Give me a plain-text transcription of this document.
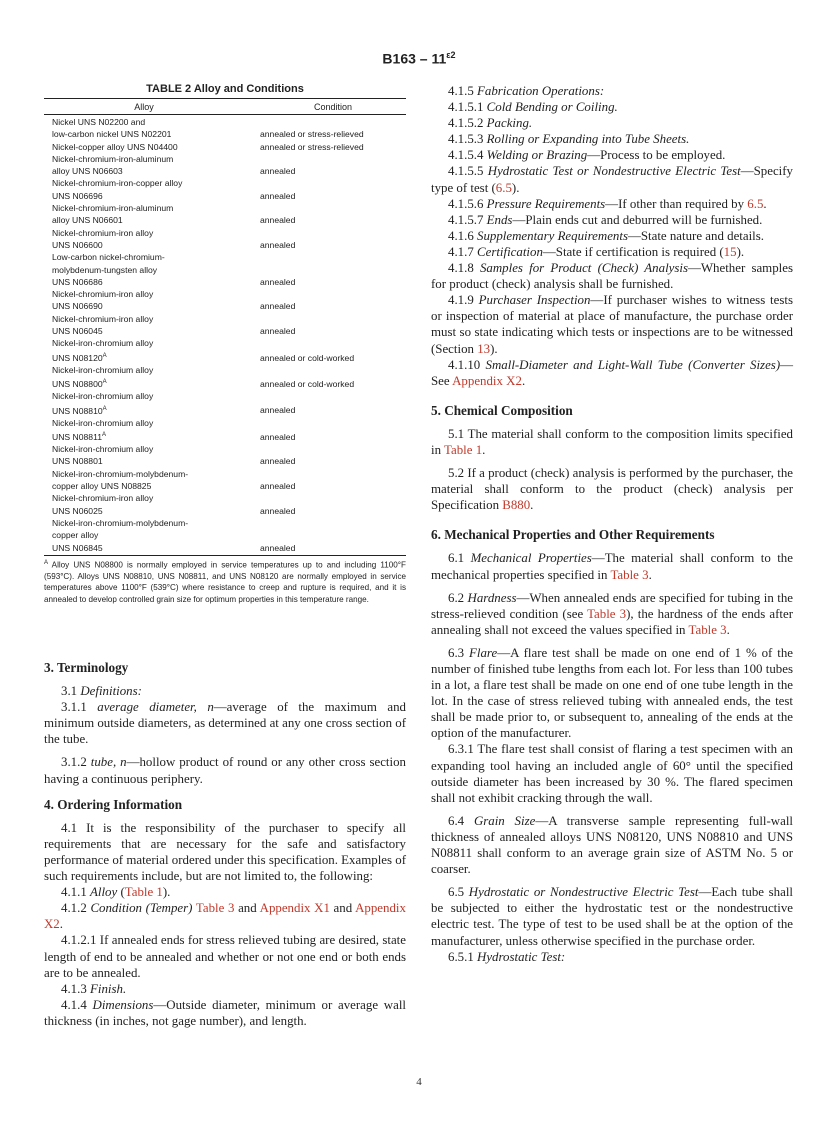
$B163 - 11^{\varepsilon 2}$
TABLE 2 Alloy and Conditions
Alloy	Condition
Nickel UNS N02200 and
low-carbon nickel UNS N02201	annealed or stress-relieved
Nickel-copper alloy UNS N04400	annealed or stress-relieved
Nickel-chromium-iron-aluminum
alloy UNS N06603	annealed
Nickel-chromium-iron-copper alloy
UNS N06696	annealed
Nickel-chromium-iron-aluminum
alloy UNS N06601	annealed
Nickel-chromium-iron alloy
UNS N06600	annealed
Low-carbon nickel-chromium-
molybdenum-tungsten alloy
UNS N06686	annealed
Nickel-chromium-iron alloy
UNS N06690	annealed
Nickel-chromium-iron alloy
UNS N06045	annealed
Nickel-iron-chromium alloy
UNS $N08120^A$	annealed or cold-worked
Nickel-iron-chromium alloy
UNS $N08800^A$	annealed or cold-worked
Nickel-iron-chromium alloy
UNS $N08810^A$	annealed
Nickel-iron-chromium alloy
UNS $N08811^A$	annealed
Nickel-iron-chromium alloy
UNS N08801	annealed
Nickel-iron-chromium-molybdenum-
copper alloy UNS N08825	annealed
Nickel-chromium-iron alloy
UNS N06025	annealed
Nickel-iron-chromium-molybdenum-
copper alloy
UNS N06845	annealed
$^A$ Alloy UNS N08800 is normally employed in service temperatures up to and including 1100°F (593°C). Alloys UNS N08810, UNS N08811, and UNS N08120 are normally employed in service temperatures above 1100°F (539°C) where resistance to creep and rupture is required, and it is annealed to develop controlled grain size for optimum properties in this temperature range.
3. Terminology

3.1 Definitions:

3.1.1 average diameter, n—average of the maximum and minimum outside diameters, as determined at any one cross section of the tube.

3.1.2 tube, n—hollow product of round or any other cross section having a continuous periphery.

4. Ordering Information

4.1 It is the responsibility of the purchaser to specify all requirements that are necessary for the safe and satisfactory performance of material ordered under this specification. Examples of such requirements include, but are not limited to, the following:

4.1.1 Alloy (Table 1).

4.1.2 Condition (Temper) Table 3 and Appendix X1 and Appendix X2.

4.1.2.1 If annealed ends for stress relieved tubing are desired, state length of end to be annealed and whether or not one end or both ends are to be annealed.

4.1.3 Finish.

4.1.4 Dimensions—Outside diameter, minimum or average wall thickness (in inches, not gage number), and length.

4.1.5 Fabrication Operations:

4.1.5.1 Cold Bending or Coiling.

4.1.5.2 Packing.

4.1.5.3 Rolling or Expanding into Tube Sheets.

4.1.5.4 Welding or Brazing—Process to be employed.

4.1.5.5 Hydrostatic Test or Nondestructive Electric Test—Specify type of test (6.5).

4.1.5.6 Pressure Requirements—If other than required by 6.5.

4.1.5.7 Ends—Plain ends cut and deburred will be furnished.

4.1.6 Supplementary Requirements—State nature and details.

4.1.7 Certification—State if certification is required (15).

4.1.8 Samples for Product (Check) Analysis—Whether samples for product (check) analysis shall be furnished.

4.1.9 Purchaser Inspection—If purchaser wishes to witness tests or inspection of material at place of manufacture, the purchase order must so state indicating which tests or inspections are to be witnessed (Section 13).

4.1.10 Small-Diameter and Light-Wall Tube (Converter Sizes)—See Appendix X2.

5. Chemical Composition

5.1 The material shall conform to the composition limits specified in Table 1.

5.2 If a product (check) analysis is performed by the purchaser, the material shall conform to the product (check) analysis per Specification B880.

6. Mechanical Properties and Other Requirements

6.1 Mechanical Properties—The material shall conform to the mechanical properties specified in Table 3.

6.2 Hardness—When annealed ends are specified for tubing in the stress-relieved condition (see Table 3), the hardness of the ends after annealing shall not exceed the values specified in Table 3.

6.3 Flare—A flare test shall be made on one end of 1 % of the number of finished tube lengths from each lot. For less than 100 tubes in a lot, a flare test shall be made on one end of one tube length in the lot. In the case of stress relieved tubing with annealed ends, the test shall be made prior to, or subsequent to, annealing of the ends at the option of the manufacturer.

6.3.1 The flare test shall consist of flaring a test specimen with an expanding tool having an included angle of 60° until the specified outside diameter has been increased by 30 %. The flared specimen shall not exhibit cracking through the wall.

6.4 Grain Size—A transverse sample representing full-wall thickness of annealed alloys UNS N08120, UNS N08810 and UNS N08811 shall conform to an average grain size of ASTM No. 5 or coarser.

6.5 Hydrostatic or Nondestructive Electric Test—Each tube shall be subjected to either the hydrostatic test or the nondestructive electric test. The type of test to be used shall be at the option of the manufacturer, unless otherwise specified in the purchase order.

6.5.1 Hydrostatic Test:

4
